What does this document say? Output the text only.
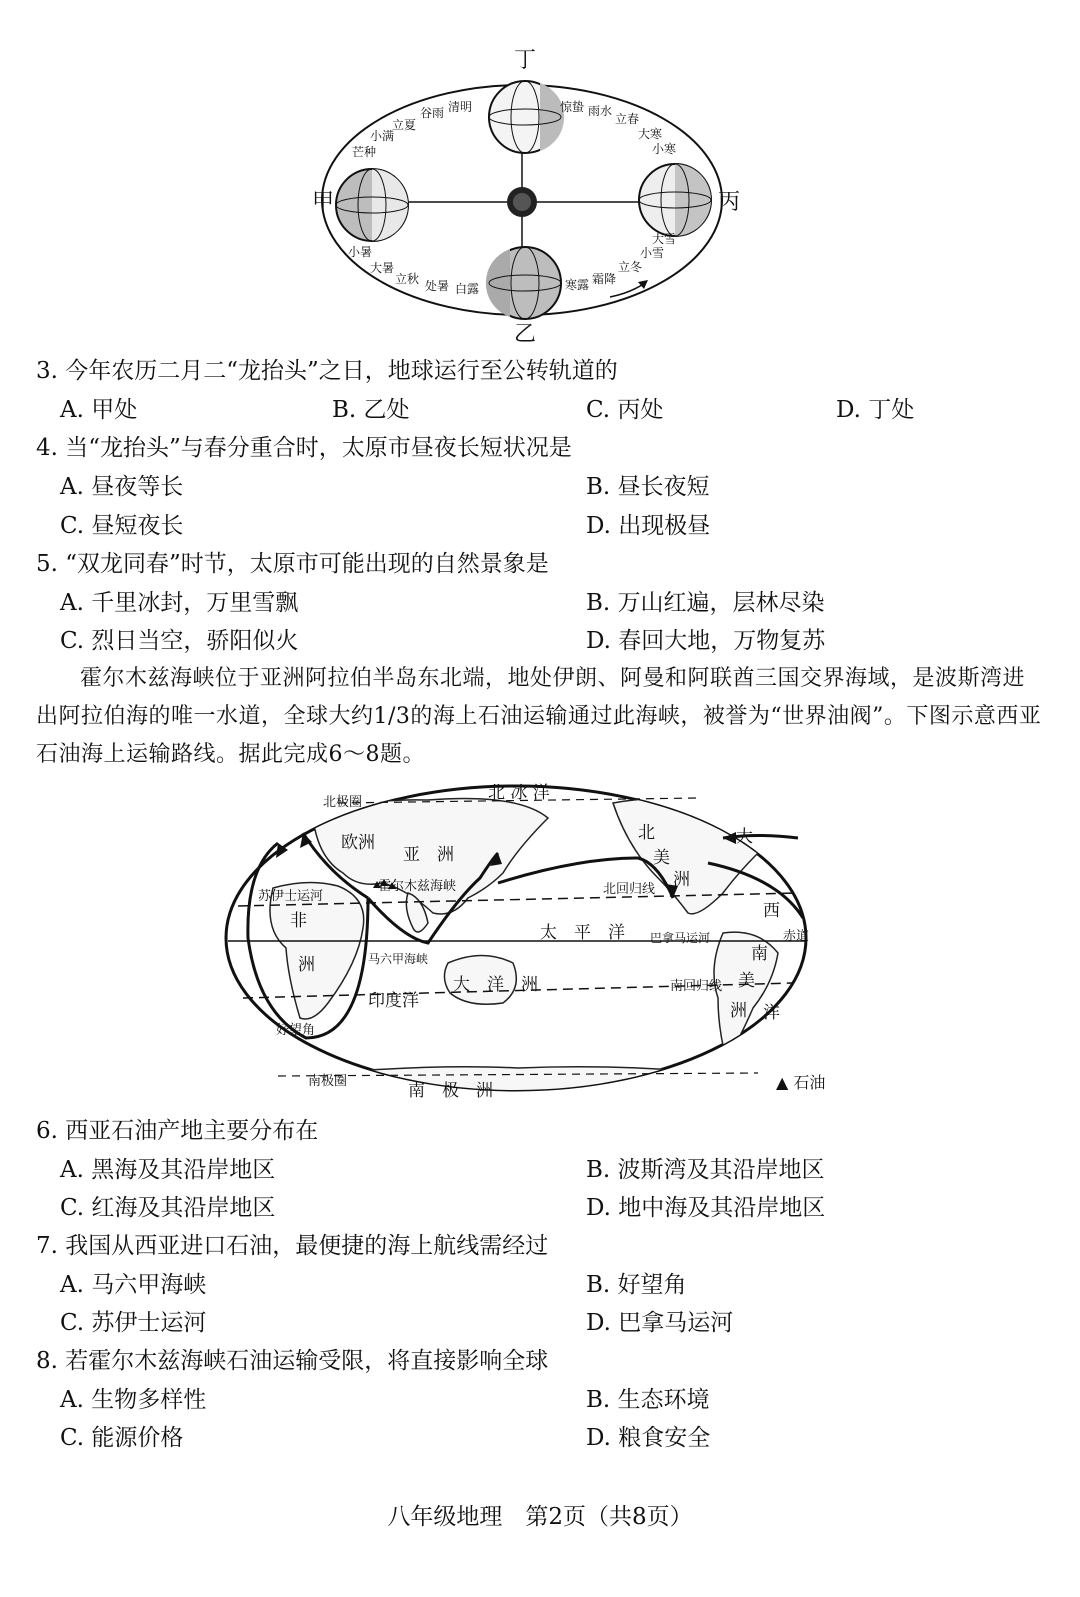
丁
乙
甲	丙
立夏
谷雨 清明	惊蛰 雨水
立春
大寒
小寒
小满
芒种
大雪
小雪
立冬
霜降
寒露
小暑
大暑
立秋 处暑 白露
3. 今年农历二月二“龙抬头”之日，地球运行至公转轨道的
A. 甲处	B. 乙处	C. 丙处	D. 丁处
4. 当“龙抬头”与春分重合时，太原市昼夜长短状况是
A. 昼夜等长	B. 昼长夜短
C. 昼短夜长	D. 出现极昼
5. “双龙同春”时节，太原市可能出现的自然景象是
A. 千里冰封，万里雪飘	B. 万山红遍，层林尽染
C. 烈日当空，骄阳似火	D. 春回大地，万物复苏
霍尔木兹海峡位于亚洲阿拉伯半岛东北端，地处伊朗、阿曼和阿联酋三国交界海域，是波斯湾进出阿拉伯海的唯一水道，全球大约1/3的海上石油运输通过此海峡，被誉为“世界油阀”。下图示意西亚石油海上运输路线。据此完成6～8题。
北 冰 洋
北极圈
欧洲
亚　洲
霍尔木兹海峡
苏伊士运河
非
洲	马六甲海峡
印度洋
大　洋　洲
太　平　洋
北回归线
南回归线
巴拿马运河	赤道
北
美
洲
大
西
洋
南
美
洲
好望角
南极圈	南　极　洲	▲ 石油
6. 西亚石油产地主要分布在
A. 黑海及其沿岸地区	B. 波斯湾及其沿岸地区
C. 红海及其沿岸地区	D. 地中海及其沿岸地区
7. 我国从西亚进口石油，最便捷的海上航线需经过
A. 马六甲海峡	B. 好望角
C. 苏伊士运河	D. 巴拿马运河
8. 若霍尔木兹海峡石油运输受限，将直接影响全球
A. 生物多样性	B. 生态环境
C. 能源价格	D. 粮食安全
八年级地理　第2页（共8页）
